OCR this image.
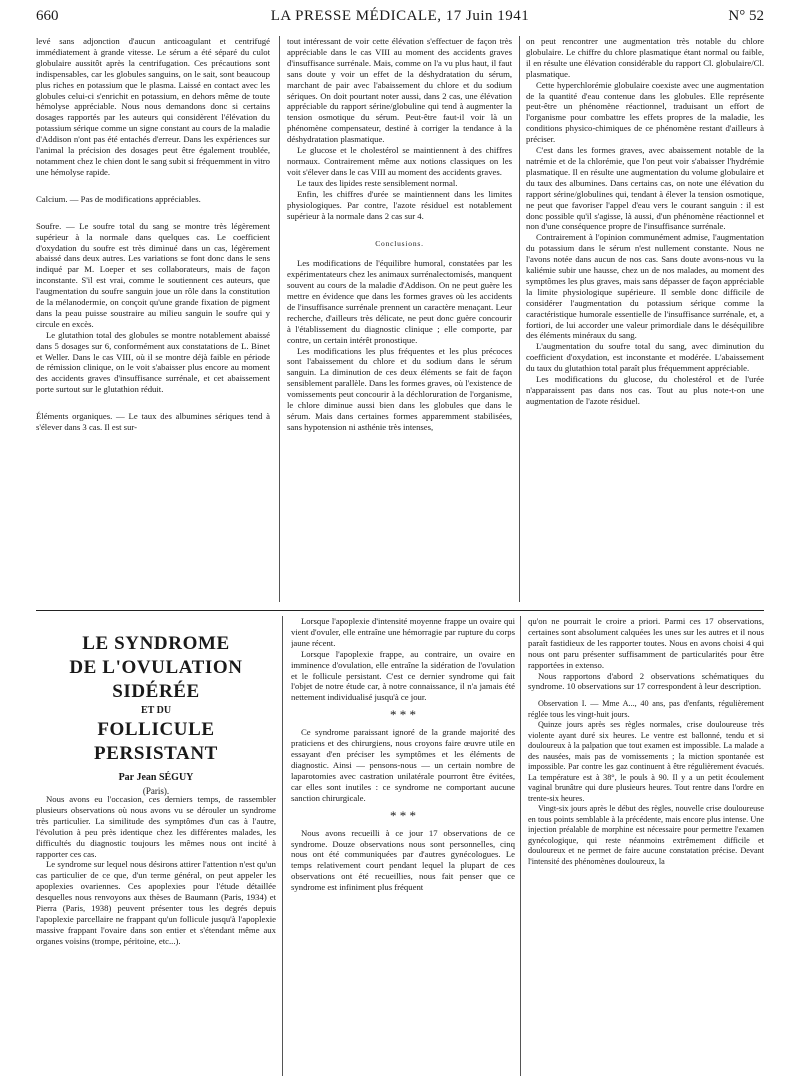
660	LA PRESSE MÉDICALE, 17 Juin 1941	N° 52

levé sans adjonction d'aucun anticoagulant et centrifugé immédiatement à grande vitesse. Le sérum a été séparé du culot globulaire aussitôt après la centrifugation. Ces précautions sont indispensables, car les globules sanguins, on le sait, sont beaucoup plus riches en potassium que le plasma. Laissé en contact avec les globules celui-ci s'enrichit en potassium, en dehors même de toute hémolyse appréciable. Nous nous demandons donc si certains dosages rapportés par les auteurs qui considèrent l'élévation du potassium sérique comme un signe constant au cours de la maladie d'Addison n'ont pas été entachés d'erreur. Dans les expériences sur l'animal la précision des dosages peut être également troublée, notamment chez le chien dont le sang subit si fréquemment in vitro une hémolyse rapide.

Calcium. — Pas de modifications appréciables.

Soufre. — Le soufre total du sang se montre très légèrement supérieur à la normale dans quelques cas. Le coefficient d'oxydation du soufre est très diminué dans un cas, légèrement abaissé dans deux autres. Les variations se font donc dans le sens indiqué par M. Loeper et ses collaborateurs, mais de façon inconstante. S'il est vrai, comme le soutiennent ces auteurs, que l'augmentation du soufre sanguin joue un rôle dans la constitution de la mélanodermie, on conçoit qu'une grande fixation de pigment dans la peau puisse soustraire au milieu sanguin le soufre qui y circule en excès.

Le glutathion total des globules se montre notablement abaissé dans 5 dosages sur 6, conformément aux constatations de L. Binet et Weller. Dans le cas VIII, où il se montre déjà faible en période de rémission clinique, on le voit s'abaisser plus encore au moment des accidents graves d'insuffisance surrénale, et cet abaissement porte surtout sur le glutathion réduit.

Éléments organiques. — Le taux des albumines sériques tend à s'élever dans 3 cas. Il est sur-

tout intéressant de voir cette élévation s'effectuer de façon très appréciable dans le cas VIII au moment des accidents graves d'insuffisance surrénale. Mais, comme on l'a vu plus haut, il faut sans doute y voir un effet de la déshydratation du sérum, marchant de pair avec l'abaissement du chlore et du sodium sériques. On doit pourtant noter aussi, dans 2 cas, une élévation appréciable du rapport sérine/globuline qui tend à augmenter la tension osmotique du sérum. Peut-être faut-il voir là un phénomène compensateur, destiné à corriger la tendance à la déshydratation plasmatique.

Le glucose et le cholestérol se maintiennent à des chiffres normaux. Contrairement même aux notions classiques on les voit s'élever dans le cas VIII au moment des accidents graves.

Le taux des lipides reste sensiblement normal.

Enfin, les chiffres d'urée se maintiennent dans les limites physiologiques. Par contre, l'azote résiduel est notablement supérieur à la normale dans 2 cas sur 4.

Conclusions.

Les modifications de l'équilibre humoral, constatées par les expérimentateurs chez les animaux surrénalectomisés, manquent souvent au cours de la maladie d'Addison. On ne peut guère les mettre en évidence que dans les formes graves où les accidents de l'insuffisance surrénale prennent un caractère menaçant. Leur recherche, d'ailleurs très délicate, ne peut donc guère concourir à l'établissement du diagnostic clinique ; elle comporte, par contre, un certain intérêt pronostique.

Les modifications les plus fréquentes et les plus précoces sont l'abaissement du chlore et du sodium dans le sérum sanguin. La diminution de ces deux éléments se fait de façon sensiblement parallèle. Dans les formes graves, où l'existence de vomissements peut concourir à la déchloruration de l'organisme, le chlore diminue aussi bien dans les globules que dans le sérum. Mais dans certaines formes apparemment stabilisées, sans hypotension ni asthénie très intenses,

on peut rencontrer une augmentation très notable du chlore globulaire. Le chiffre du chlore plasmatique étant normal ou faible, il en résulte une élévation considérable du rapport Cl. globulaire/Cl. plasmatique.

Cette hyperchlorémie globulaire coexiste avec une augmentation de la quantité d'eau contenue dans les globules. Elle représente peut-être un phénomène réactionnel, traduisant un effort de l'organisme pour combattre les effets propres de la maladie, les conditions physico-chimiques de ce phénomène restant d'ailleurs à préciser.

C'est dans les formes graves, avec abaissement notable de la natrémie et de la chlorémie, que l'on peut voir s'abaisser l'hydrémie plasmatique. Il en résulte une augmentation du volume globulaire et du taux des albumines. Dans certains cas, on note une élévation du rapport sérine/globulines qui, tendant à élever la tension osmotique, ne peut que favoriser l'appel d'eau vers le courant sanguin : il est donc possible qu'il s'agisse, là aussi, d'un phénomène réactionnel et non d'une conséquence propre de l'insuffisance surrénale.

Contrairement à l'opinion communément admise, l'augmentation du potassium dans le sérum n'est nullement constante. Nous ne l'avons notée dans aucun de nos cas. Sans doute avons-nous vu la kaliémie subir une hausse, chez un de nos malades, au moment des symptômes les plus graves, mais sans dépasser de façon appréciable la limite physiologique supérieure. Il semble donc difficile de considérer l'augmentation du potassium sérique comme la caractéristique humorale essentielle de l'insuffisance surrénale, et, a fortiori, de lui accorder une valeur primordiale dans le déséquilibre des éléments minéraux du sang.

L'augmentation du soufre total du sang, avec diminution du coefficient d'oxydation, est inconstante et modérée. L'abaissement du taux du glutathion total paraît plus fréquemment appréciable.

Les modifications du glucose, du cholestérol et de l'urée n'apparaissent pas dans nos cas. Tout au plus note-t-on une augmentation de l'azote résiduel.

LE SYNDROME
DE L'OVULATION SIDÉRÉE
ET DU
FOLLICULE PERSISTANT
Par Jean SÉGUY
(Paris).

Nous avons eu l'occasion, ces derniers temps, de rassembler plusieurs observations où nous avons vu se dérouler un syndrome très particulier. La similitude des symptômes d'un cas à l'autre, l'évolution à peu près identique chez les différentes malades, les difficultés du diagnostic toujours les mêmes nous ont incité à rapporter ces cas.

Le syndrome sur lequel nous désirons attirer l'attention n'est qu'un cas particulier de ce que, d'un terme général, on peut appeler les apoplexies ovariennes. Ces apoplexies pour l'étude détaillée desquelles nous renvoyons aux thèses de Baumann (Paris, 1934) et Pierra (Paris, 1938) peuvent présenter tous les degrés depuis l'apoplexie parcellaire ne frappant qu'un follicule jusqu'à l'apoplexie massive frappant l'ovaire dans son entier et s'étendant même aux organes voisins (trompe, péritoine, etc...).

Lorsque l'apoplexie d'intensité moyenne frappe un ovaire qui vient d'ovuler, elle entraîne une hémorragie par rupture du corps jaune récent.

Lorsque l'apoplexie frappe, au contraire, un ovaire en imminence d'ovulation, elle entraîne la sidération de l'ovulation et le follicule persistant. C'est ce dernier syndrome qui fait l'objet de notre étude car, à notre connaissance, il n'a jamais été nettement individualisé jusqu'à ce jour.

* * *

Ce syndrome paraissant ignoré de la grande majorité des praticiens et des chirurgiens, nous croyons faire œuvre utile en essayant d'en préciser les symptômes et les éléments de diagnostic. Ainsi — pensons-nous — un certain nombre de laparotomies avec castration unilatérale pourront être évitées, car elles sont inutiles : ce syndrome ne comportant aucune sanction chirurgicale.

* * *

Nous avons recueilli à ce jour 17 observations de ce syndrome. Douze observations nous sont personnelles, cinq nous ont été communiquées par d'autres gynécologues. Le temps relativement court pendant lequel la plupart de ces observations ont été recueillies, nous fait penser que ce syndrome est infiniment plus fréquent

qu'on ne pourrait le croire a priori. Parmi ces 17 observations, certaines sont absolument calquées les unes sur les autres et il nous paraît fastidieux de les rapporter toutes. Nous en avons choisi 4 qui nous ont paru présenter suffisamment de particularités pour être rapportées in extenso.

Nous rapportons d'abord 2 observations schématiques du syndrome. 10 observations sur 17 correspondent à leur description.

Observation I. — Mme A..., 40 ans, pas d'enfants, régulièrement réglée tous les vingt-huit jours.

Quinze jours après ses règles normales, crise douloureuse très violente ayant duré six heures. Le ventre est ballonné, tendu et si douloureux à la palpation que tout examen est impossible. La malade a des nausées, mais pas de vomissements ; la miction spontanée est impossible. Par contre les gaz continuent à être régulièrement évacués. La température est à 38°, le pouls à 90. Il y a un petit écoulement vaginal brunâtre qui dure plusieurs heures. Tout rentre dans l'ordre en trente-six heures.

Vingt-six jours après le début des règles, nouvelle crise douloureuse en tous points semblable à la précédente, mais encore plus intense. Une injection préalable de morphine est nécessaire pour permettre l'examen gynécologique, qui reste néanmoins extrêmement difficile et douloureux et ne permet de faire aucune constatation précise. Devant l'intensité des phénomènes douloureux, la
